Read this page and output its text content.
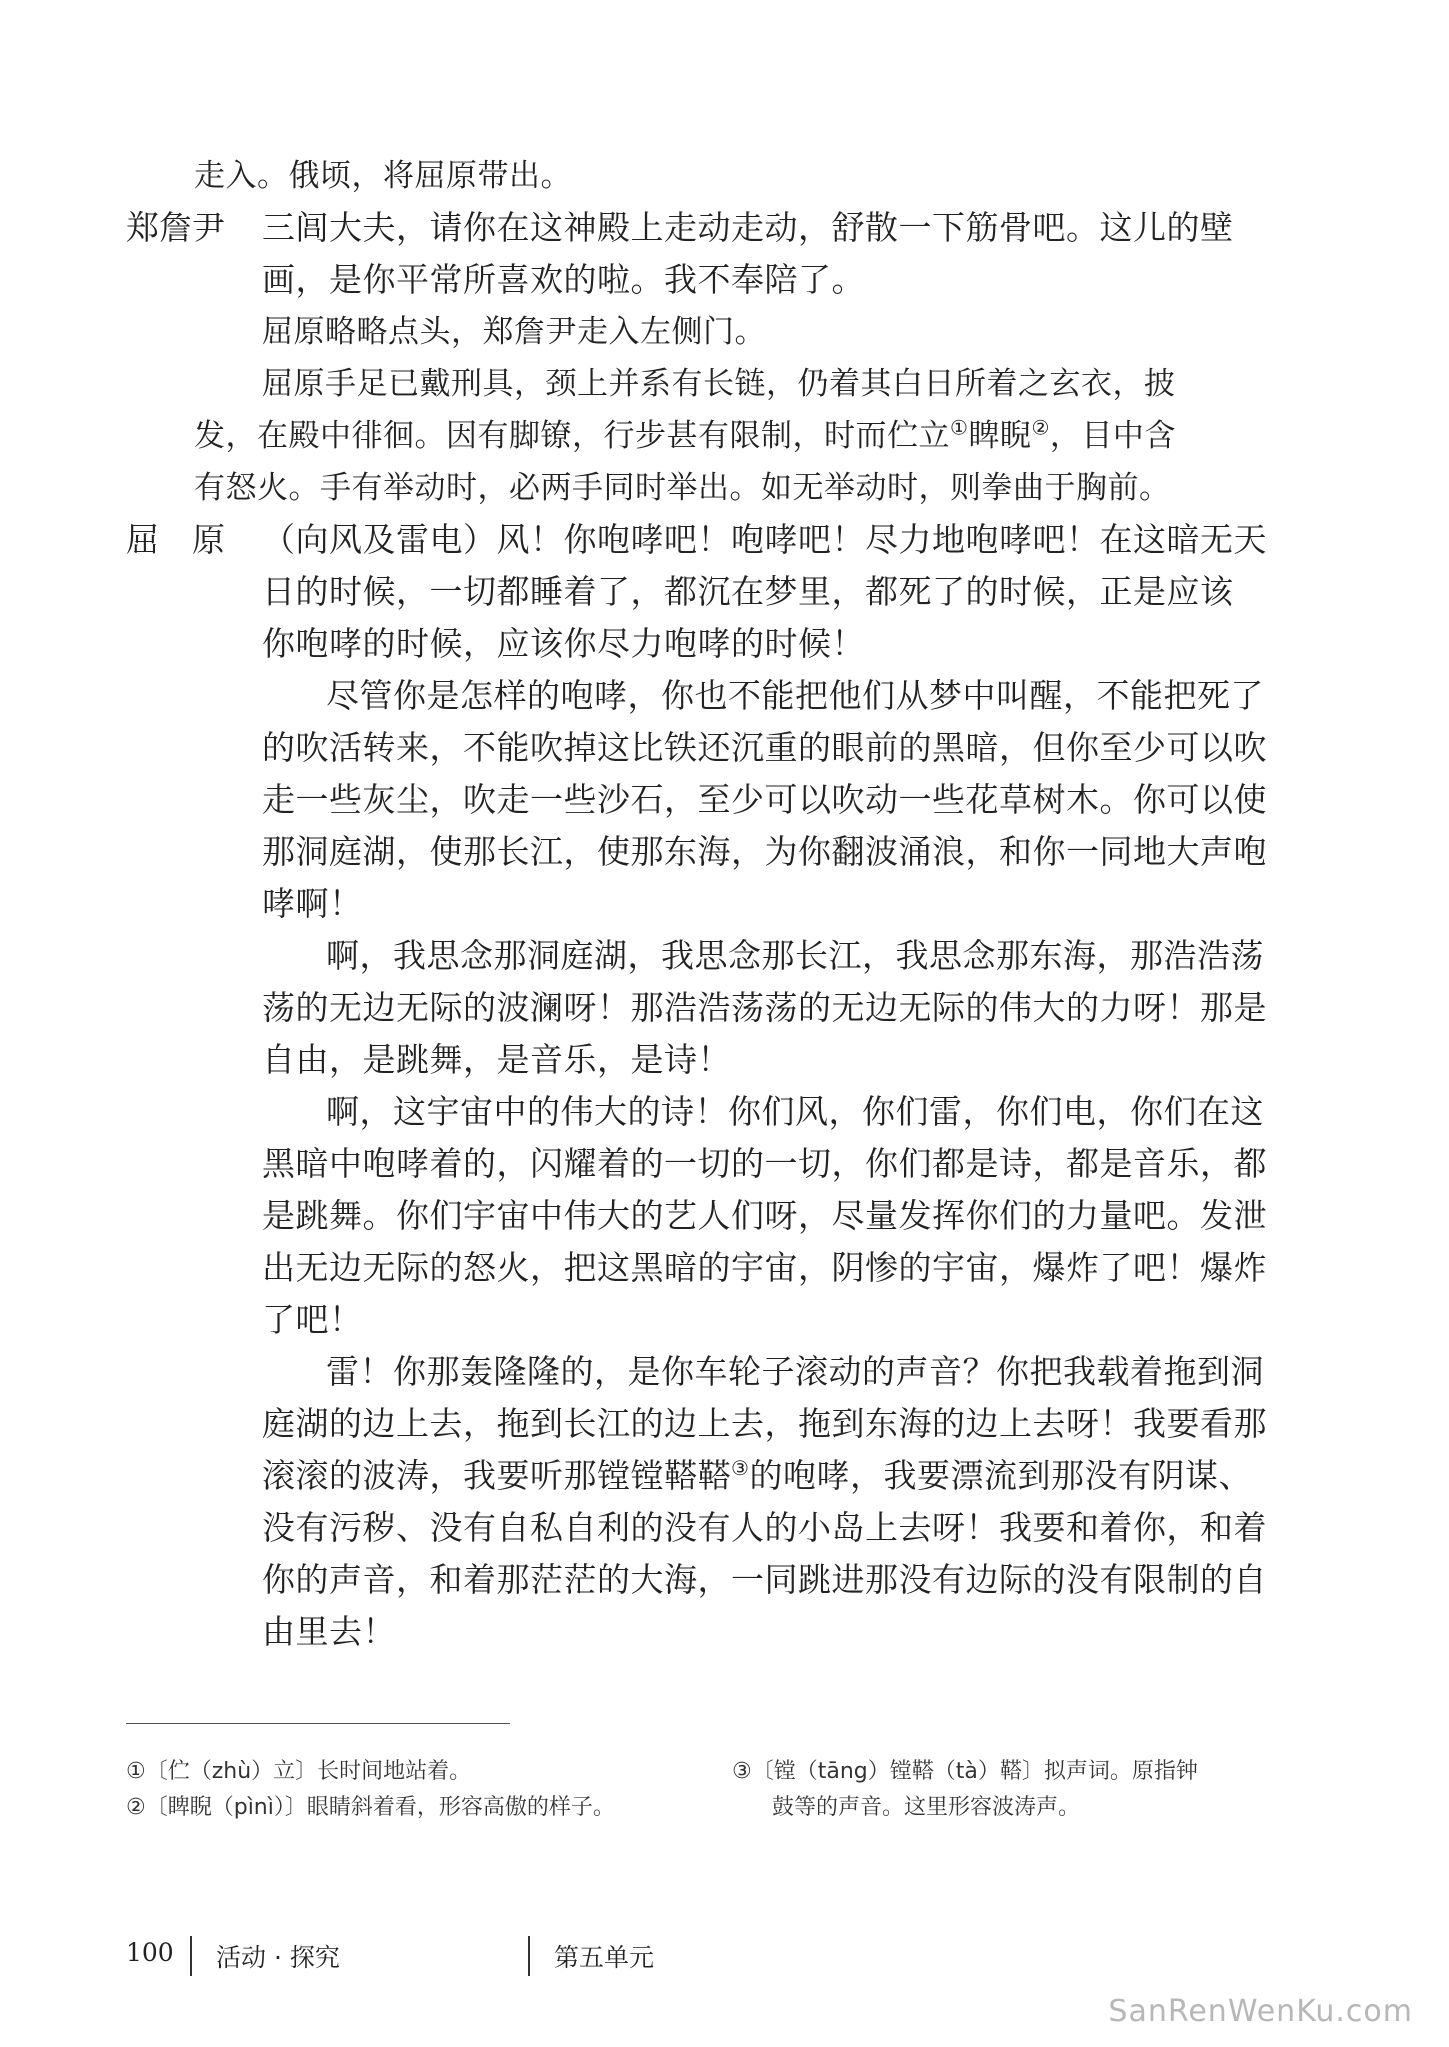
走入。俄顷，将屈原带出。
郑詹尹	三闾大夫，请你在这神殿上走动走动，舒散一下筋骨吧。这儿的壁
画，是你平常所喜欢的啦。我不奉陪了。
屈原略略点头，郑詹尹走入左侧门。
屈原手足已戴刑具，颈上并系有长链，仍着其白日所着之玄衣，披
发，在殿中徘徊。因有脚镣，行步甚有限制，时而伫立①睥睨②，目中含
有怒火。手有举动时，必两手同时举出。如无举动时，则拳曲于胸前。
屈　原	（向风及雷电）风！你咆哮吧！咆哮吧！尽力地咆哮吧！在这暗无天
日的时候，一切都睡着了，都沉在梦里，都死了的时候，正是应该
你咆哮的时候，应该你尽力咆哮的时候！
尽管你是怎样的咆哮，你也不能把他们从梦中叫醒，不能把死了
的吹活转来，不能吹掉这比铁还沉重的眼前的黑暗，但你至少可以吹
走一些灰尘，吹走一些沙石，至少可以吹动一些花草树木。你可以使
那洞庭湖，使那长江，使那东海，为你翻波涌浪，和你一同地大声咆
哮啊！
啊，我思念那洞庭湖，我思念那长江，我思念那东海，那浩浩荡
荡的无边无际的波澜呀！那浩浩荡荡的无边无际的伟大的力呀！那是
自由，是跳舞，是音乐，是诗！
啊，这宇宙中的伟大的诗！你们风，你们雷，你们电，你们在这
黑暗中咆哮着的，闪耀着的一切的一切，你们都是诗，都是音乐，都
是跳舞。你们宇宙中伟大的艺人们呀，尽量发挥你们的力量吧。发泄
出无边无际的怒火，把这黑暗的宇宙，阴惨的宇宙，爆炸了吧！爆炸
了吧！
雷！你那轰隆隆的，是你车轮子滚动的声音？你把我载着拖到洞
庭湖的边上去，拖到长江的边上去，拖到东海的边上去呀！我要看那
滚滚的波涛，我要听那镗镗鞳鞳③的咆哮，我要漂流到那没有阴谋、
没有污秽、没有自私自利的没有人的小岛上去呀！我要和着你，和着
你的声音，和着那茫茫的大海，一同跳进那没有边际的没有限制的自
由里去！
①〔伫（zhù）立〕长时间地站着。
②〔睥睨（pìnì）〕眼睛斜着看，形容高傲的样子。
③〔镗（tāng）镗鞳（tà）鞳〕拟声词。原指钟
鼓等的声音。这里形容波涛声。
100 活动 · 探究	第五单元
SanRenWenKu.com
